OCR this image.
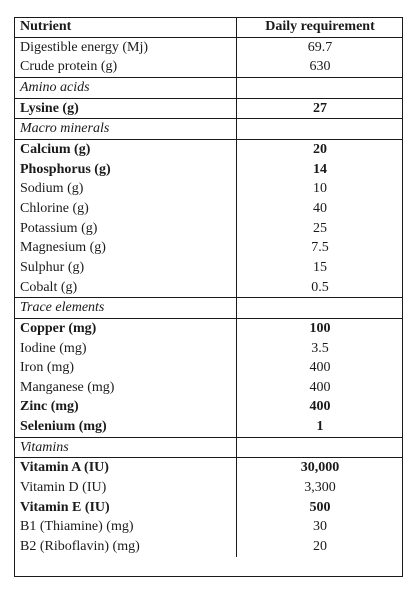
Nutrient	Daily requirement
Digestible energy (Mj)	69.7
Crude protein (g)	630
Amino acids	
Lysine (g)	27
Macro minerals	
Calcium (g)	20
Phosphorus (g)	14
Sodium (g)	10
Chlorine (g)	40
Potassium (g)	25
Magnesium (g)	7.5
Sulphur (g)	15
Cobalt (g)	0.5
Trace elements	
Copper (mg)	100
Iodine (mg)	3.5
Iron (mg)	400
Manganese (mg)	400
Zinc (mg)	400
Selenium (mg)	1
Vitamins	
Vitamin A (IU)	30,000
Vitamin D (IU)	3,300
Vitamin E (IU)	500
B1 (Thiamine) (mg)	30
B2 (Riboflavin) (mg)	20
